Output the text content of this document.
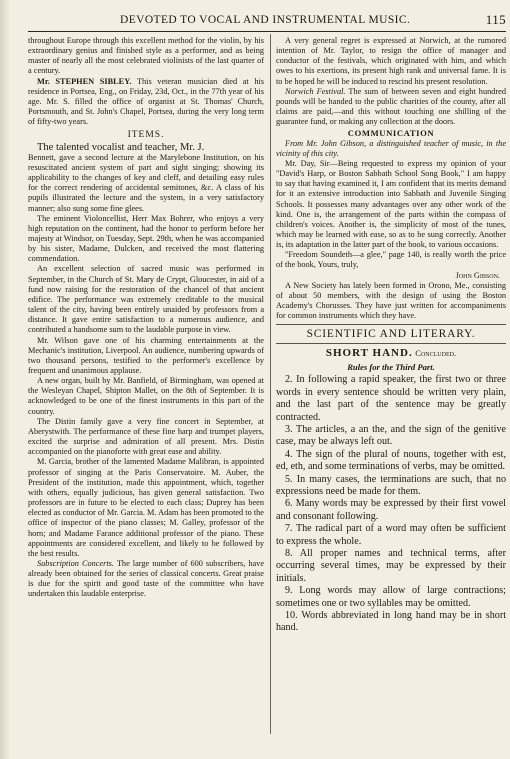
DEVOTED TO VOCAL AND INSTRUMENTAL MUSIC.	115

throughout Europe through this excellent method for the violin, by his extraordinary genius and finished style as a performer, and as being master of nearly all the most celebrated violinists of the last quarter of a century.

Mr. STEPHEN SIBLEY. This veteran musician died at his residence in Portsea, Eng., on Friday, 23d, Oct., in the 77th year of his age. Mr. S. filled the office of organist at St. Thomas' Church, Portsmouth, and St. John's Chapel, Portsea, during the very long term of fifty-two years.

ITEMS.

The talented vocalist and teacher, Mr. J.

Bennett, gave a second lecture at the Marylebone Institution, on his resuscitated ancient system of part and sight singing; showing its applicability to the changes of key and cleff, and detailing easy rules for the correct rendering of accidental semitones, &c. A class of his pupils illustrated the lecture and the system, in a very satisfactory manner; also sung some fine glees.

The eminent Violoncellist, Herr Max Bohrer, who enjoys a very high reputation on the continent, had the honor to perform before her majesty at Windsor, on Tuesday, Sept. 29th, when he was accompanied by his sister, Madame, Dulcken, and received the most flattering commendation.

An excellent selection of sacred music was performed in September, in the Church of St. Mary de Crypt, Gloucester, in aid of a fund now raising for the restoration of the chancel of that ancient edifice. The performance was extremely creditable to the musical talent of the city, having been entirely unaided by professors from a distance. It gave entire satisfaction to a numerous audience, and contributed a handsome sum to the laudable purpose in view.

Mr. Wilson gave one of his charming entertainments at the Mechanic's institution, Liverpool. An audience, numbering upwards of two thousand persons, testified to the performer's excellence by frequent and unanimous applause.

A new organ, built by Mr. Banfield, of Birmingham, was opened at the Wesleyan Chapel, Shipton Mallet, on the 8th of September. It is acknowledged to be one of the finest instruments in this part of the country.

The Distin family gave a very fine concert in September, at Aberystwith. The performance of these fine harp and trumpet players, excited the surprise and admiration of all present. Mrs. Distin accompanied on the pianoforte with great ease and ability.

M. Garcia, brother of the lamented Madame Malibran, is appointed professor of singing at the Paris Conservatoire. M. Auber, the President of the institution, made this appointment, which, together with others, equally judicious, has given general satisfaction. Two professors are in future to be elected to each class; Duprey has been elected as conductor of Mr. Garcia. M. Adam has been promoted to the office of inspector of the piano classes; M. Galley, professor of the horn; and Madame Farance additional professor of the piano. These appointments are considered excellent, and likely to be followed by the best results.

Subscription Concerts. The large number of 600 subscribers, have already been obtained for the series of classical concerts. Great praise is due for the spirit and good taste of the committee who have undertaken this laudable enterprise.

A very general regret is expressed at Norwich, at the rumored intention of Mr. Taylor, to resign the office of manager and conductor of the festivals, which originated with him, and which owes to his exertions, its present high rank and universal fame. It is to be hoped he will be induced to rescind his present resolution.

Norwich Festival. The sum of between seven and eight hundred pounds will be handed to the public charities of the county, after all claims are paid,—and this without touching one shilling of the guarantee fund, or making any collection at the doors.

COMMUNICATION

From Mr. John Gibson, a distinguished teacher of music, in the vicinity of this city.

Mr. Day, Sir—Being requested to express my opinion of your "David's Harp, or Boston Sabbath School Song Book," I am happy to say that having examined it, I am confident that its merits demand for it an extensive introduction into Sabbath and Juvenile Singing Schools. It possesses many advantages over any other work of the kind. One is, the arrangement of the parts within the compass of children's voices. Another is, the simplicity of most of the tunes, which may be learned with ease, so as to be sung correctly. Another is, its adaptation in the latter part of the book, to various occasions.

"Freedom Soundeth—a glee," page 140, is really worth the price of the book, Yours, truly,

John Gibson.

A New Society has lately been formed in Orono, Me., consisting of about 50 members, with the design of using the Boston Academy's Chorusses. They have just written for accompaniments for common instruments which they have.

SCIENTIFIC AND LITERARY.
SHORT HAND. Concluded.
Rules for the Third Part.

2. In following a rapid speaker, the first two or three words in every sentence should be written very plain, and the last part of the sentence may be greatly contracted.

3. The articles, a an the, and the sign of the genitive case, may be always left out.

4. The sign of the plural of nouns, together with est, ed, eth, and some terminations of verbs, may be omitted.

5. In many cases, the terminations are such, that no expressions need be made for them.

6. Many words may be expressed by their first vowel and consonant following.

7. The radical part of a word may often be sufficient to express the whole.

8. All proper names and technical terms, after occurring several times, may be expressed by their initials.

9. Long words may allow of large contractions; sometimes one or two syllables may be omitted.

10. Words abbreviated in long hand may be in short hand.
